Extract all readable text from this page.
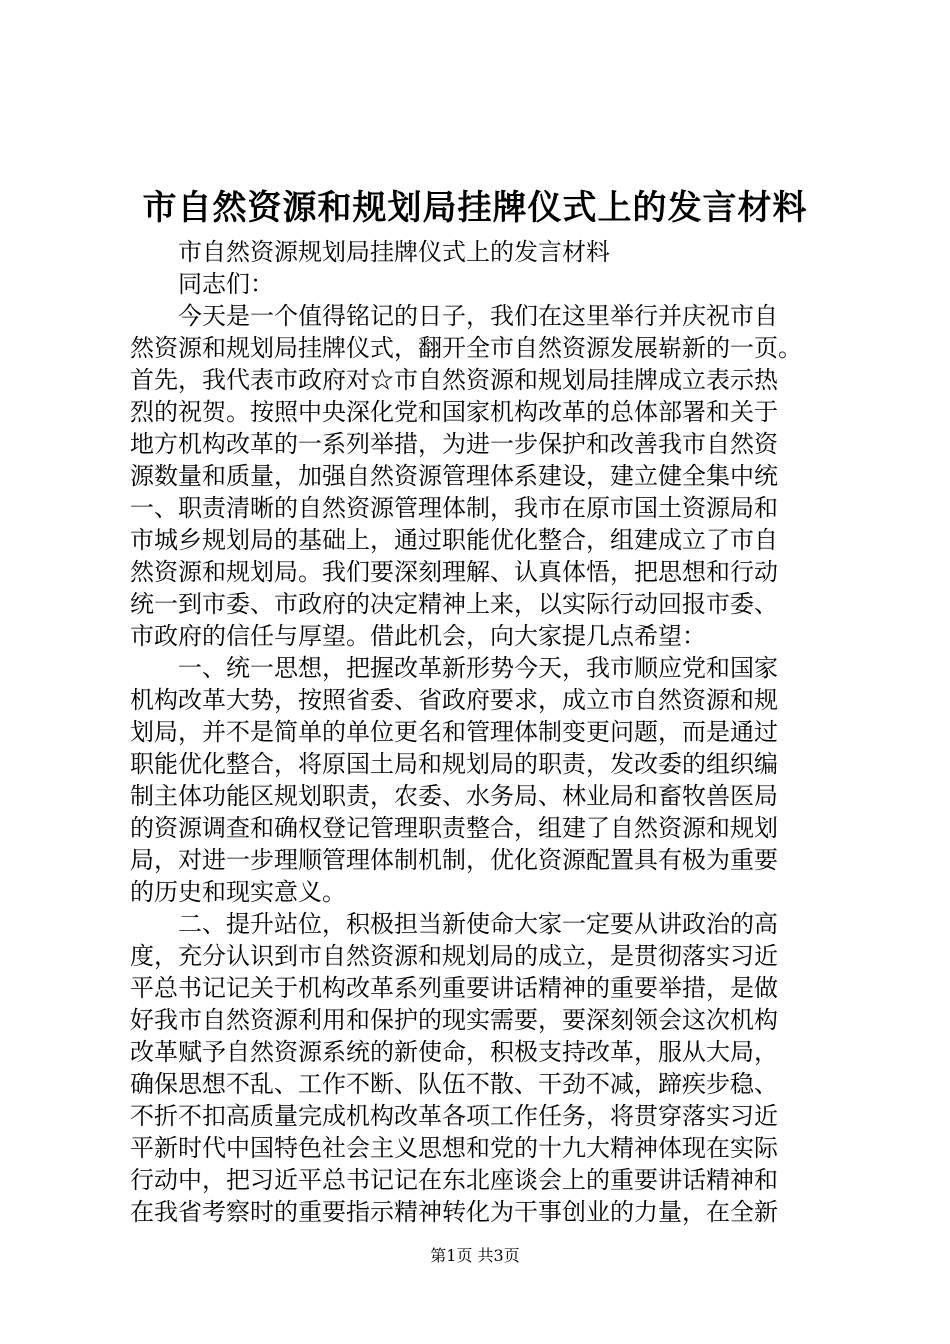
市自然资源和规划局挂牌仪式上的发言材料
市自然资源规划局挂牌仪式上的发言材料
同志们：
今天是一个值得铭记的日子，我们在这里举行并庆祝市自
然资源和规划局挂牌仪式，翻开全市自然资源发展崭新的一页。
首先，我代表市政府对☆市自然资源和规划局挂牌成立表示热
烈的祝贺。按照中央深化党和国家机构改革的总体部署和关于
地方机构改革的一系列举措，为进一步保护和改善我市自然资
源数量和质量，加强自然资源管理体系建设，建立健全集中统
一、职责清晰的自然资源管理体制，我市在原市国土资源局和
市城乡规划局的基础上，通过职能优化整合，组建成立了市自
然资源和规划局。我们要深刻理解、认真体悟，把思想和行动
统一到市委、市政府的决定精神上来，以实际行动回报市委、
市政府的信任与厚望。借此机会，向大家提几点希望：
一、统一思想，把握改革新形势今天，我市顺应党和国家
机构改革大势，按照省委、省政府要求，成立市自然资源和规
划局，并不是简单的单位更名和管理体制变更问题，而是通过
职能优化整合，将原国土局和规划局的职责，发改委的组织编
制主体功能区规划职责，农委、水务局、林业局和畜牧兽医局
的资源调查和确权登记管理职责整合，组建了自然资源和规划
局，对进一步理顺管理体制机制，优化资源配置具有极为重要
的历史和现实意义。
二、提升站位，积极担当新使命大家一定要从讲政治的高
度，充分认识到市自然资源和规划局的成立，是贯彻落实习近
平总书记记关于机构改革系列重要讲话精神的重要举措，是做
好我市自然资源利用和保护的现实需要，要深刻领会这次机构
改革赋予自然资源系统的新使命，积极支持改革，服从大局，
确保思想不乱、工作不断、队伍不散、干劲不减，蹄疾步稳、
不折不扣高质量完成机构改革各项工作任务，将贯穿落实习近
平新时代中国特色社会主义思想和党的十九大精神体现在实际
行动中，把习近平总书记记在东北座谈会上的重要讲话精神和
在我省考察时的重要指示精神转化为干事创业的力量，在全新
第1页 共3页
